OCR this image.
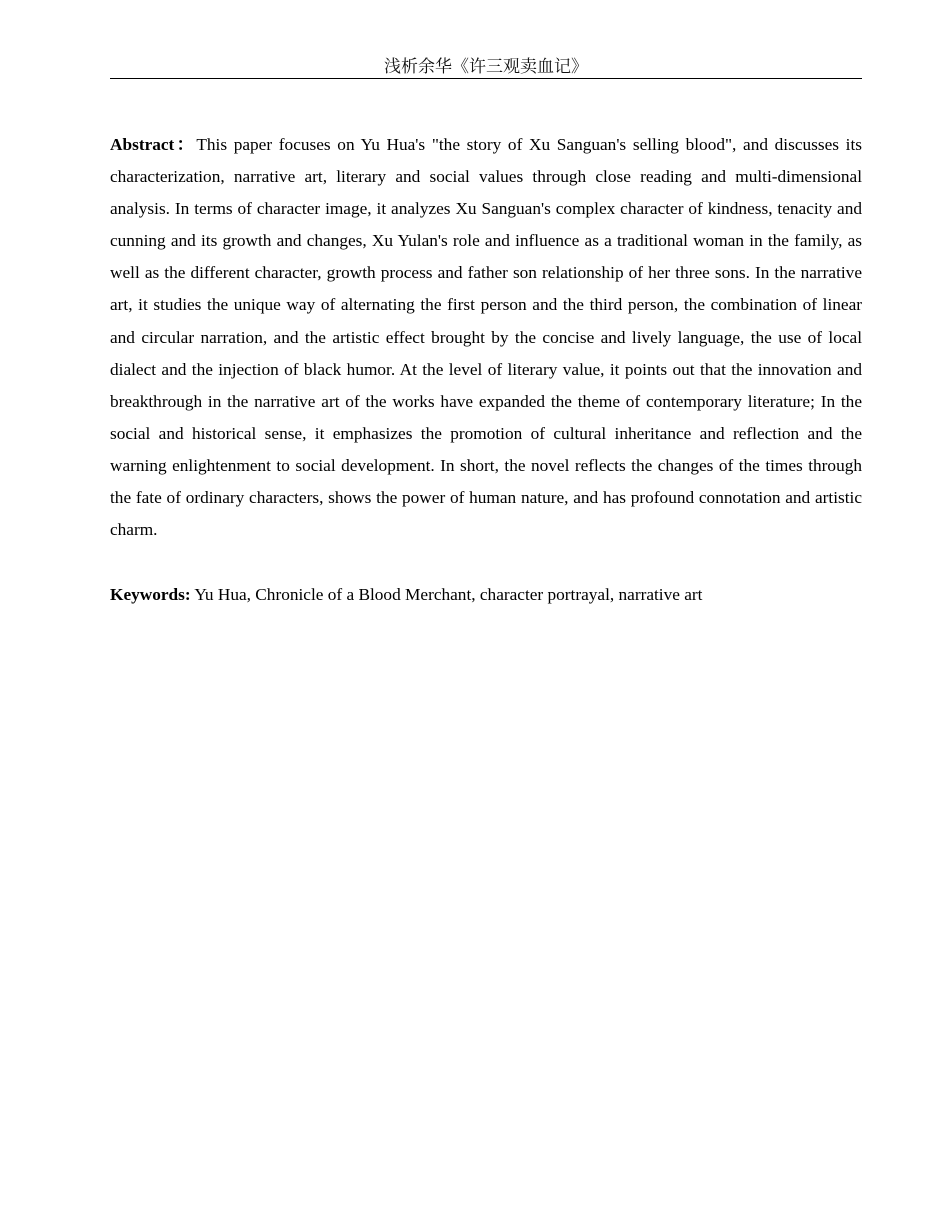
浅析余华《许三观卖血记》

Abstract：This paper focuses on Yu Hua's "the story of Xu Sanguan's selling blood", and discusses its characterization, narrative art, literary and social values through close reading and multi-dimensional analysis. In terms of character image, it analyzes Xu Sanguan's complex character of kindness, tenacity and cunning and its growth and changes, Xu Yulan's role and influence as a traditional woman in the family, as well as the different character, growth process and father son relationship of her three sons. In the narrative art, it studies the unique way of alternating the first person and the third person, the combination of linear and circular narration, and the artistic effect brought by the concise and lively language, the use of local dialect and the injection of black humor. At the level of literary value, it points out that the innovation and breakthrough in the narrative art of the works have expanded the theme of contemporary literature; In the social and historical sense, it emphasizes the promotion of cultural inheritance and reflection and the warning enlightenment to social development. In short, the novel reflects the changes of the times through the fate of ordinary characters, shows the power of human nature, and has profound connotation and artistic charm.

Keywords: Yu Hua, Chronicle of a Blood Merchant, character portrayal, narrative art
